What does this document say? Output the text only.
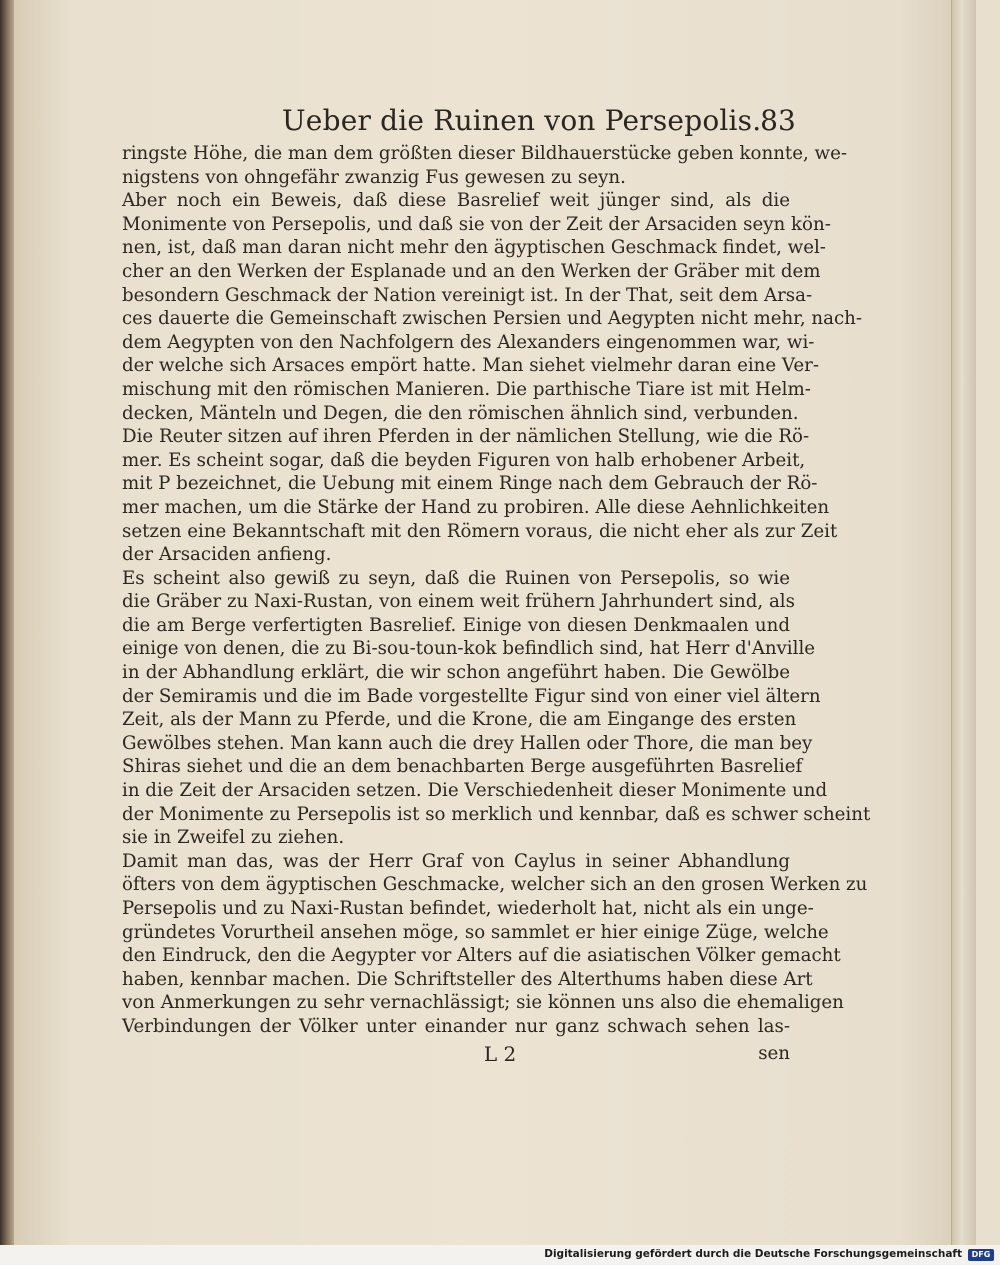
Ueber die Ruinen von Persepolis.
83
ringste Höhe, die man dem größten dieser Bildhauerstücke geben konnte, we-
nigstens von ohngefähr zwanzig Fus gewesen zu seyn.
Aber noch ein Beweis, daß diese Basrelief weit jünger sind, als die
Monimente von Persepolis, und daß sie von der Zeit der Arsaciden seyn kön-
nen, ist, daß man daran nicht mehr den ägyptischen Geschmack findet, wel-
cher an den Werken der Esplanade und an den Werken der Gräber mit dem
besondern Geschmack der Nation vereinigt ist. In der That, seit dem Arsa-
ces dauerte die Gemeinschaft zwischen Persien und Aegypten nicht mehr, nach-
dem Aegypten von den Nachfolgern des Alexanders eingenommen war, wi-
der welche sich Arsaces empört hatte. Man siehet vielmehr daran eine Ver-
mischung mit den römischen Manieren. Die parthische Tiare ist mit Helm-
decken, Mänteln und Degen, die den römischen ähnlich sind, verbunden.
Die Reuter sitzen auf ihren Pferden in der nämlichen Stellung, wie die Rö-
mer. Es scheint sogar, daß die beyden Figuren von halb erhobener Arbeit,
mit P bezeichnet, die Uebung mit einem Ringe nach dem Gebrauch der Rö-
mer machen, um die Stärke der Hand zu probiren. Alle diese Aehnlichkeiten
setzen eine Bekanntschaft mit den Römern voraus, die nicht eher als zur Zeit
der Arsaciden anfieng.
Es scheint also gewiß zu seyn, daß die Ruinen von Persepolis, so wie
die Gräber zu Naxi-Rustan, von einem weit frühern Jahrhundert sind, als
die am Berge verfertigten Basrelief. Einige von diesen Denkmaalen und
einige von denen, die zu Bi-sou-toun-kok befindlich sind, hat Herr d'Anville
in der Abhandlung erklärt, die wir schon angeführt haben. Die Gewölbe
der Semiramis und die im Bade vorgestellte Figur sind von einer viel ältern
Zeit, als der Mann zu Pferde, und die Krone, die am Eingange des ersten
Gewölbes stehen. Man kann auch die drey Hallen oder Thore, die man bey
Shiras siehet und die an dem benachbarten Berge ausgeführten Basrelief
in die Zeit der Arsaciden setzen. Die Verschiedenheit dieser Monimente und
der Monimente zu Persepolis ist so merklich und kennbar, daß es schwer scheint
sie in Zweifel zu ziehen.
Damit man das, was der Herr Graf von Caylus in seiner Abhandlung
öfters von dem ägyptischen Geschmacke, welcher sich an den grosen Werken zu
Persepolis und zu Naxi-Rustan befindet, wiederholt hat, nicht als ein unge-
gründetes Vorurtheil ansehen möge, so sammlet er hier einige Züge, welche
den Eindruck, den die Aegypter vor Alters auf die asiatischen Völker gemacht
haben, kennbar machen. Die Schriftsteller des Alterthums haben diese Art
von Anmerkungen zu sehr vernachlässigt; sie können uns also die ehemaligen
Verbindungen der Völker unter einander nur ganz schwach sehen las-
L 2	sen
Digitalisierung gefördert durch die Deutsche Forschungsgemeinschaft	DFG
